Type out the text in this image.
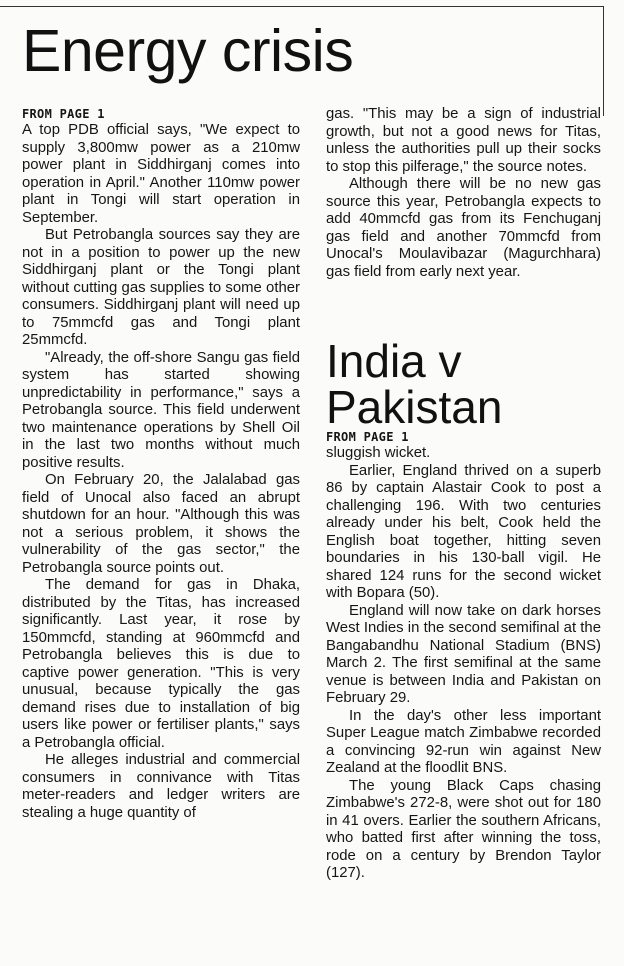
Energy crisis
FROM PAGE 1

A top PDB official says, "We expect to supply 3,800mw power as a 210mw power plant in Siddhirganj comes into operation in April." Another 110mw power plant in Tongi will start operation in September.

But Petrobangla sources say they are not in a position to power up the new Siddhirganj plant or the Tongi plant without cutting gas supplies to some other consumers. Siddhirganj plant will need up to 75mmcfd gas and Tongi plant 25mmcfd.

"Already, the off-shore Sangu gas field system has started showing unpredictability in performance," says a Petrobangla source. This field underwent two maintenance operations by Shell Oil in the last two months without much positive results.

On February 20, the Jalalabad gas field of Unocal also faced an abrupt shutdown for an hour. "Although this was not a serious problem, it shows the vulnerability of the gas sector," the Petrobangla source points out.

The demand for gas in Dhaka, distributed by the Titas, has increased significantly. Last year, it rose by 150mmcfd, standing at 960mmcfd and Petrobangla believes this is due to captive power generation. "This is very unusual, because typically the gas demand rises due to installation of big users like power or fertiliser plants," says a Petrobangla official.

He alleges industrial and commercial consumers in connivance with Titas meter-readers and ledger writers are stealing a huge quantity of

gas. "This may be a sign of industrial growth, but not a good news for Titas, unless the authorities pull up their socks to stop this pilferage," the source notes.

Although there will be no new gas source this year, Petrobangla expects to add 40mmcfd gas from its Fenchuganj gas field and another 70mmcfd from Unocal's Moulavibazar (Magurchhara) gas field from early next year.

India v
Pakistan
FROM PAGE 1

sluggish wicket.

Earlier, England thrived on a superb 86 by captain Alastair Cook to post a challenging 196. With two centuries already under his belt, Cook held the English boat together, hitting seven boundaries in his 130-ball vigil. He shared 124 runs for the second wicket with Bopara (50).

England will now take on dark horses West Indies in the second semifinal at the Bangabandhu National Stadium (BNS) March 2. The first semifinal at the same venue is between India and Pakistan on February 29.

In the day's other less important Super League match Zimbabwe recorded a convincing 92-run win against New Zealand at the floodlit BNS.

The young Black Caps chasing Zimbabwe's 272-8, were shot out for 180 in 41 overs. Earlier the southern Africans, who batted first after winning the toss, rode on a century by Brendon Taylor (127).
